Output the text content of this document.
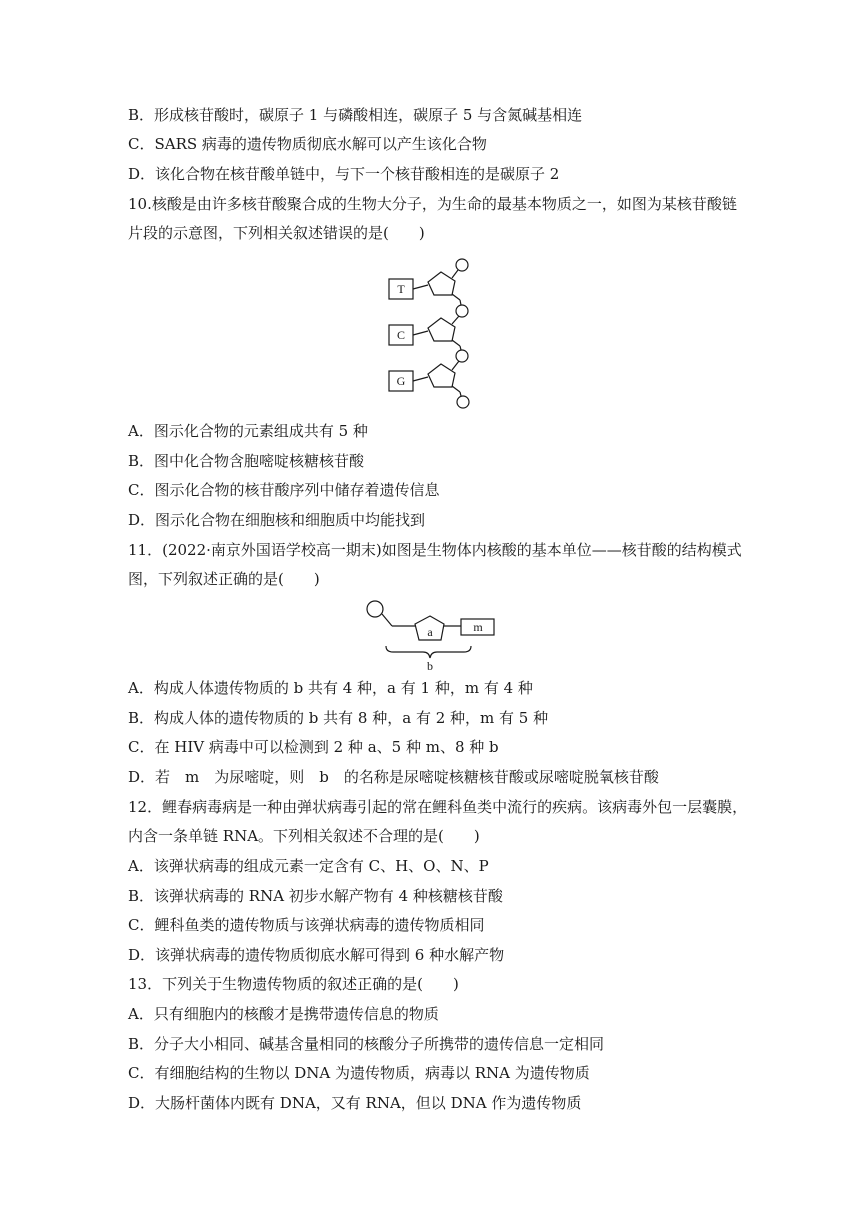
B．形成核苷酸时，碳原子 1 与磷酸相连，碳原子 5 与含氮碱基相连
C．SARS 病毒的遗传物质彻底水解可以产生该化合物
D．该化合物在核苷酸单链中，与下一个核苷酸相连的是碳原子 2
10.核酸是由许多核苷酸聚合成的生物大分子，为生命的最基本物质之一，如图为某核苷酸链
片段的示意图，下列相关叙述错误的是(　　)
T
C
G
A．图示化合物的元素组成共有 5 种
B．图中化合物含胞嘧啶核糖核苷酸
C．图示化合物的核苷酸序列中储存着遗传信息
D．图示化合物在细胞核和细胞质中均能找到
11．(2022·南京外国语学校高一期末)如图是生物体内核酸的基本单位——核苷酸的结构模式
图，下列叙述正确的是(　　)
a	m
b
A．构成人体遗传物质的 b 共有 4 种，a 有 1 种，m 有 4 种
B．构成人体的遗传物质的 b 共有 8 种，a 有 2 种，m 有 5 种
C．在 HIV 病毒中可以检测到 2 种 a、5 种 m、8 种 b
D．若　m　为尿嘧啶，则　b　的名称是尿嘧啶核糖核苷酸或尿嘧啶脱氧核苷酸
12．鲤春病毒病是一种由弹状病毒引起的常在鲤科鱼类中流行的疾病。该病毒外包一层囊膜，
内含一条单链 RNA。下列相关叙述不合理的是(　　)
A．该弹状病毒的组成元素一定含有 C、H、O、N、P
B．该弹状病毒的 RNA 初步水解产物有 4 种核糖核苷酸
C．鲤科鱼类的遗传物质与该弹状病毒的遗传物质相同
D．该弹状病毒的遗传物质彻底水解可得到 6 种水解产物
13．下列关于生物遗传物质的叙述正确的是(　　)
A．只有细胞内的核酸才是携带遗传信息的物质
B．分子大小相同、碱基含量相同的核酸分子所携带的遗传信息一定相同
C．有细胞结构的生物以 DNA 为遗传物质，病毒以 RNA 为遗传物质
D．大肠杆菌体内既有 DNA，又有 RNA，但以 DNA 作为遗传物质
